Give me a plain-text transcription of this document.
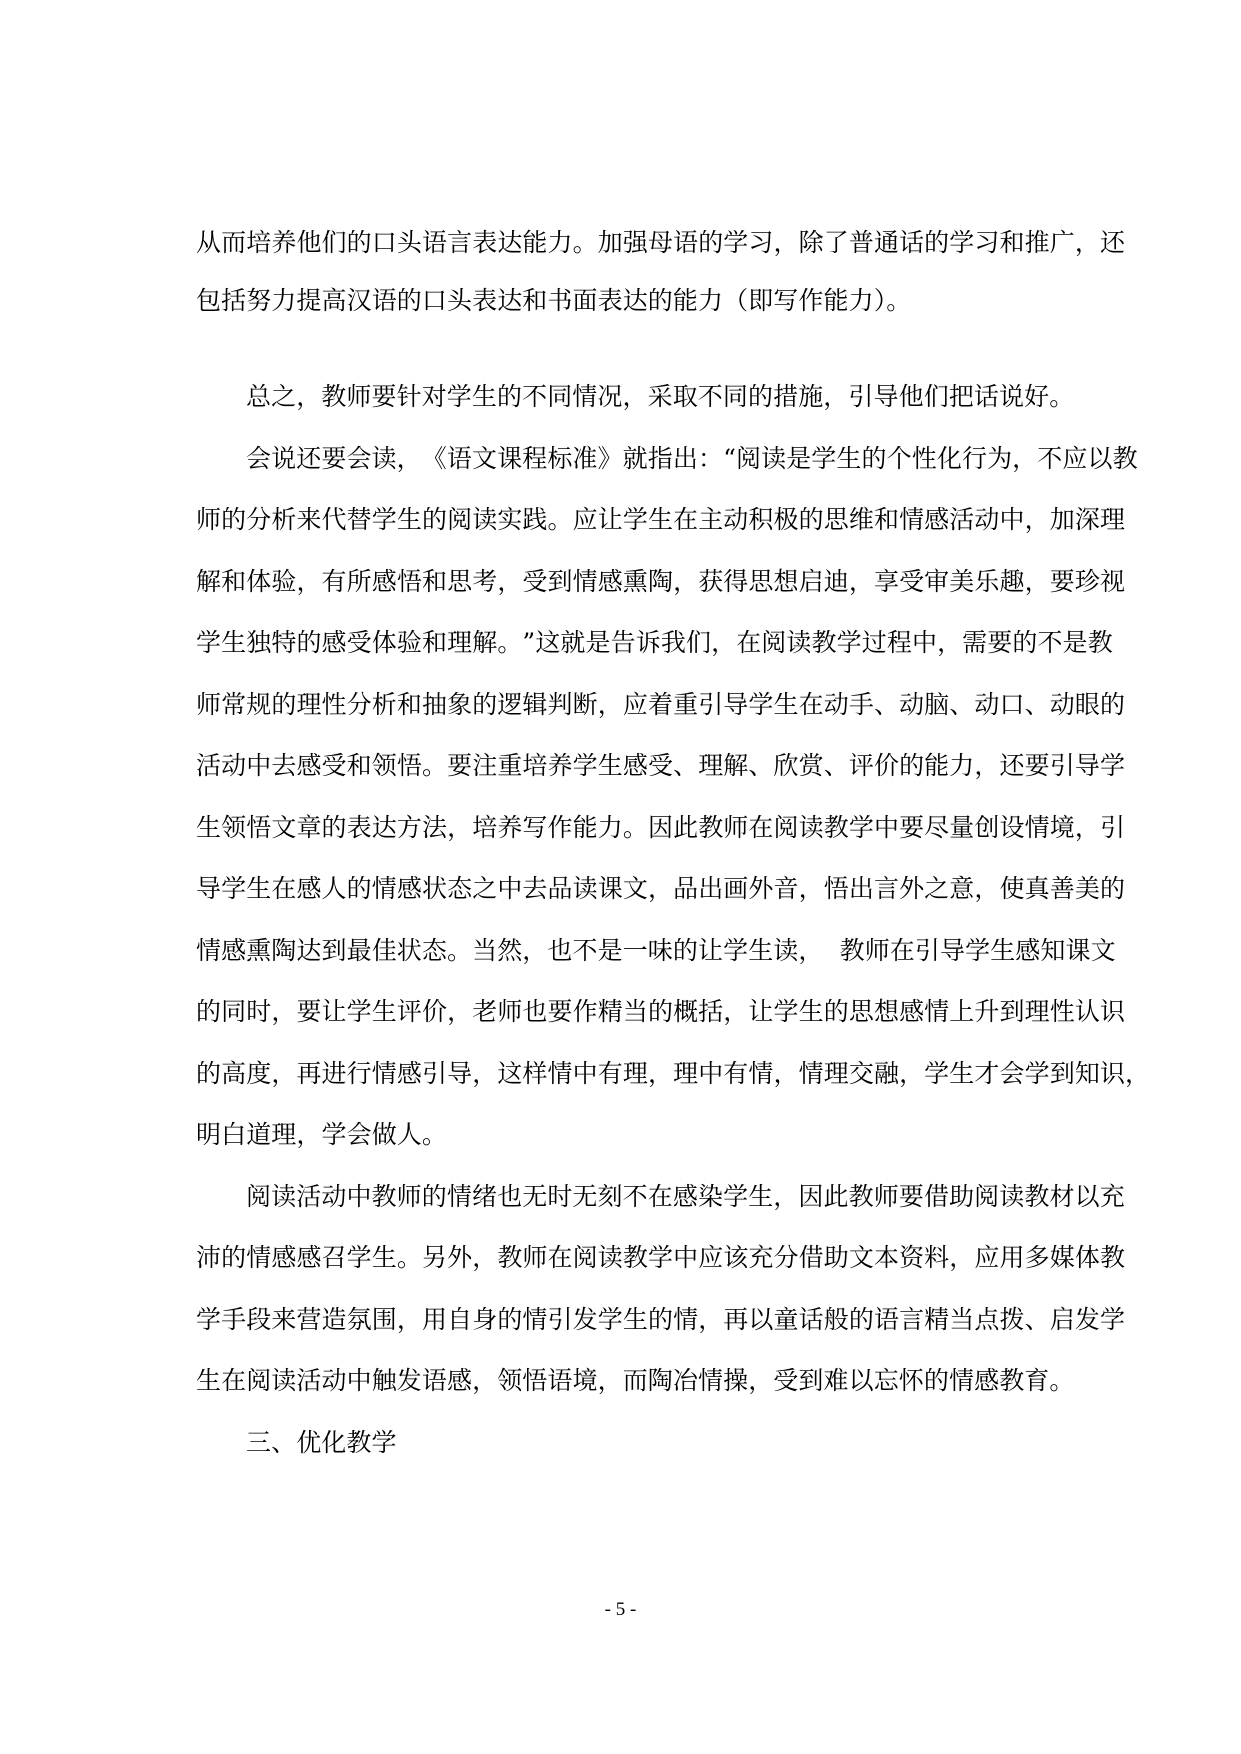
从 而 培 养 他 们 的 口 头 语 言 表 达 能 力 。 加 强 母 语 的 学 习 ， 除 了 普 通 话 的 学 习 和 推 广 ， 还
包括努力提高汉语的口头表达和书面表达的能力（即写作能力）。
总之，教师要针对学生的不同情况，采取不同的措施，引导他们把话说好。
会 说 还 要 会 读 ， 《 语 文 课 程 标 准 》 就 指 出 ： “ 阅 读 是 学 生 的 个 性 化 行 为 ， 不 应 以 教
师 的 分 析 来 代 替 学 生 的 阅 读 实 践 。 应 让 学 生 在 主 动 积 极 的 思 维 和 情 感 活 动 中 ， 加 深 理
解 和 体 验 ， 有 所 感 悟 和 思 考 ， 受 到 情 感 熏 陶 ， 获 得 思 想 启 迪 ， 享 受 审 美 乐 趣 ， 要 珍 视
学 生 独 特 的 感 受 体 验 和 理 解 。 ” 这 就 是 告 诉 我 们 ， 在 阅 读 教 学 过 程 中 ， 需 要 的 不 是 教
师 常 规 的 理 性 分 析 和 抽 象 的 逻 辑 判 断 ， 应 着 重 引 导 学 生 在 动 手 、 动 脑 、 动 口 、 动 眼 的
活 动 中 去 感 受 和 领 悟 。 要 注 重 培 养 学 生 感 受 、 理 解 、 欣 赏 、 评 价 的 能 力 ， 还 要 引 导 学
生 领 悟 文 章 的 表 达 方 法 ， 培 养 写 作 能 力 。 因 此 教 师 在 阅 读 教 学 中 要 尽 量 创 设 情 境 ， 引
导 学 生 在 感 人 的 情 感 状 态 之 中 去 品 读 课 文 ， 品 出 画 外 音 ， 悟 出 言 外 之 意 ， 使 真 善 美 的
情感熏陶达到最佳状态。当然，也不是一味的让学生读，  教师在引导学生感知课文
的 同 时 ， 要 让 学 生 评 价 ， 老 师 也 要 作 精 当 的 概 括 ， 让 学 生 的 思 想 感 情 上 升 到 理 性 认 识
的 高 度 ， 再 进 行 情 感 引 导 ， 这 样 情 中 有 理 ， 理 中 有 情 ， 情 理 交 融 ， 学 生 才 会 学 到 知 识 ，
明白道理，学会做人。
阅 读 活 动 中 教 师 的 情 绪 也 无 时 无 刻 不 在 感 染 学 生 ， 因 此 教 师 要 借 助 阅 读 教 材 以 充
沛 的 情 感 感 召 学 生 。 另 外 ， 教 师 在 阅 读 教 学 中 应 该 充 分 借 助 文 本 资 料 ， 应 用 多 媒 体 教
学 手 段 来 营 造 氛 围 ， 用 自 身 的 情 引 发 学 生 的 情 ， 再 以 童 话 般 的 语 言 精 当 点 拨 、 启 发 学
生在阅读活动中触发语感，领悟语境，而陶冶情操，受到难以忘怀的情感教育。
三、优化教学
- 5 -
